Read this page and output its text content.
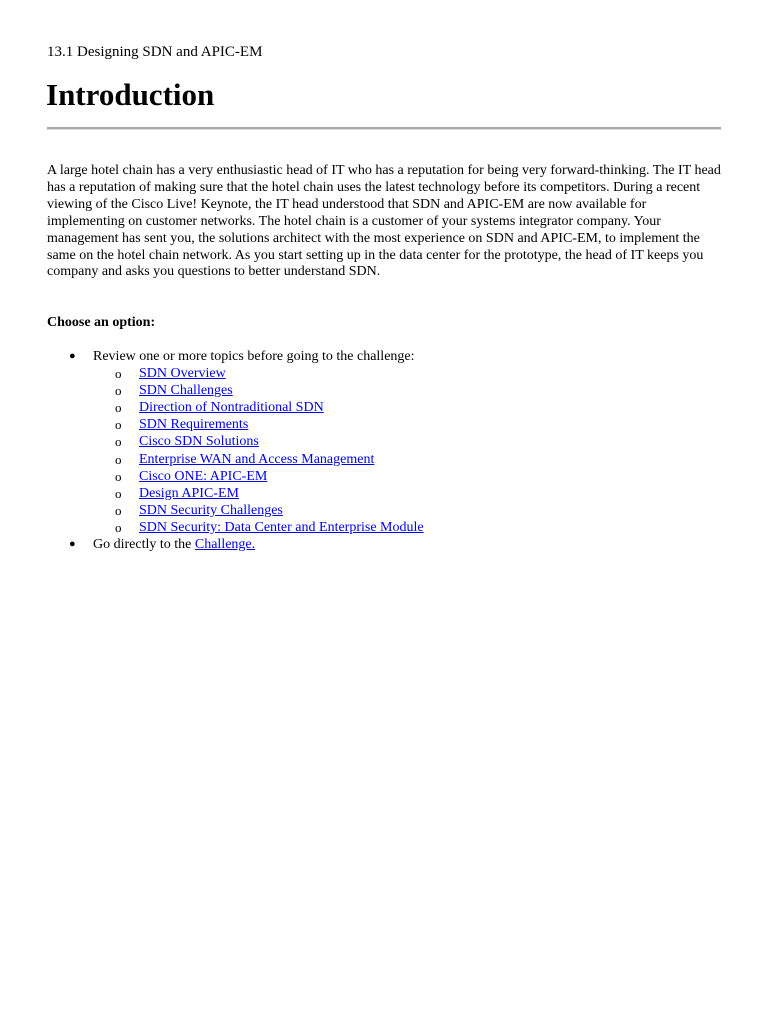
13.1 Designing SDN and APIC-EM
Introduction

A large hotel chain has a very enthusiastic head of IT who has a reputation for being very forward-thinking. The IT head has a reputation of making sure that the hotel chain uses the latest technology before its competitors. During a recent viewing of the Cisco Live! Keynote, the IT head understood that SDN and APIC-EM are now available for implementing on customer networks. The hotel chain is a customer of your systems integrator company. Your management has sent you, the solutions architect with the most experience on SDN and APIC-EM, to implement the same on the hotel chain network. As you start setting up in the data center for the prototype, the head of IT keeps you company and asks you questions to better understand SDN.

Choose an option:

● Review one or more topics before going to the challenge:
o SDN Overview
o SDN Challenges
o Direction of Nontraditional SDN
o SDN Requirements
o Cisco SDN Solutions
o Enterprise WAN and Access Management
o Cisco ONE: APIC-EM
o Design APIC-EM
o SDN Security Challenges
o SDN Security: Data Center and Enterprise Module
● Go directly to the Challenge.
